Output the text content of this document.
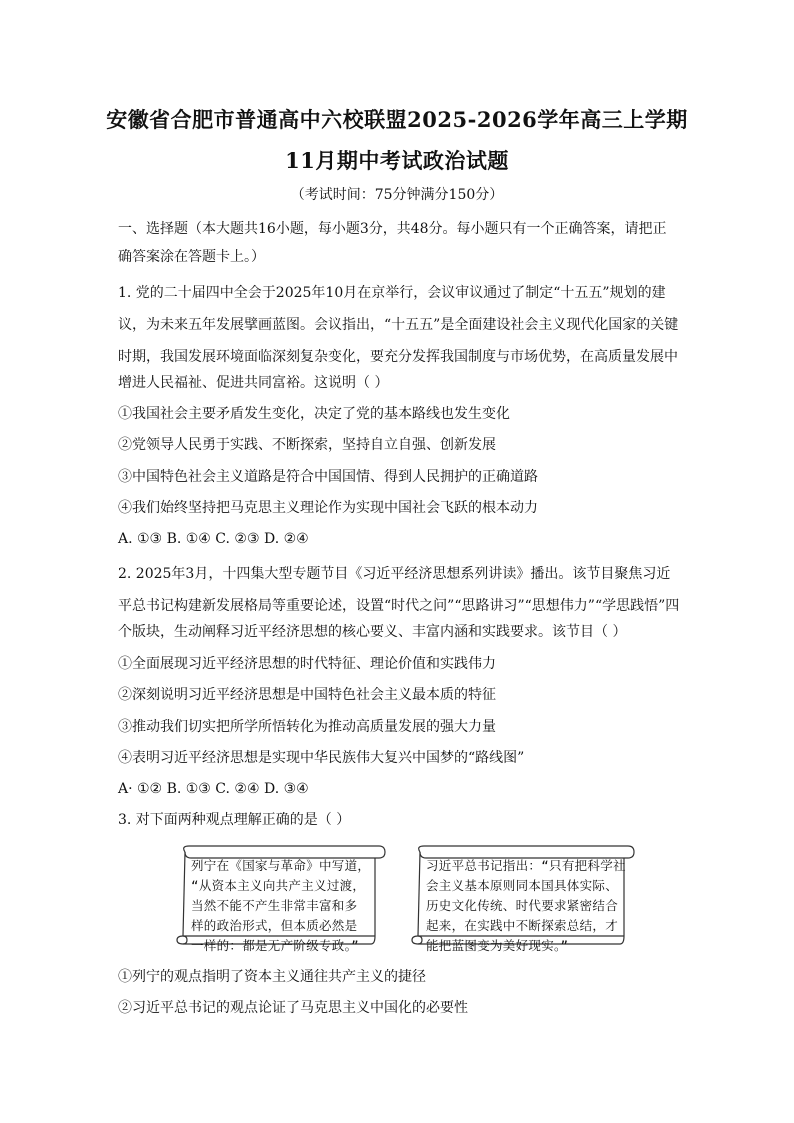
安徽省合肥市普通高中六校联盟2025-2026学年高三上学期
11月期中考试政治试题
（考试时间：75分钟满分150分）
一、选择题（本大题共16小题，每小题3分，共48分。每小题只有一个正确答案，请把正
确答案涂在答题卡上。）
1. 党的二十届四中全会于2025年10月在京举行，会议审议通过了制定“十五五”规划的建
议，为未来五年发展擘画蓝图。会议指出，“十五五”是全面建设社会主义现代化国家的关键
时期，我国发展环境面临深刻复杂变化，要充分发挥我国制度与市场优势，在高质量发展中
增进人民福祉、促进共同富裕。这说明（ ）
①我国社会主要矛盾发生变化，决定了党的基本路线也发生变化
②党领导人民勇于实践、不断探索，坚持自立自强、创新发展
③中国特色社会主义道路是符合中国国情、得到人民拥护的正确道路
④我们始终坚持把马克思主义理论作为实现中国社会飞跃的根本动力
A. ①③ B. ①④ C. ②③ D. ②④
2. 2025年3月，十四集大型专题节目《习近平经济思想系列讲读》播出。该节目聚焦习近
平总书记构建新发展格局等重要论述，设置“时代之问”“思路讲习”“思想伟力”“学思践悟”四
个版块，生动阐释习近平经济思想的核心要义、丰富内涵和实践要求。该节目（ ）
①全面展现习近平经济思想的时代特征、理论价值和实践伟力
②深刻说明习近平经济思想是中国特色社会主义最本质的特征
③推动我们切实把所学所悟转化为推动高质量发展的强大力量
④表明习近平经济思想是实现中华民族伟大复兴中国梦的“路线图”
A· ①② B. ①③ C. ②④ D. ③④
3. 对下面两种观点理解正确的是（ ）
列宁在《国家与革命》中写道，
“从资本主义向共产主义过渡，
当然不能不产生非常丰富和多
样的政治形式，但本质必然是
一样的：都是无产阶级专政。”
习近平总书记指出：“只有把科学社
会主义基本原则同本国具体实际、
历史文化传统、时代要求紧密结合
起来，在实践中不断探索总结，才
能把蓝图变为美好现实。”
①列宁的观点指明了资本主义通往共产主义的捷径
②习近平总书记的观点论证了马克思主义中国化的必要性
